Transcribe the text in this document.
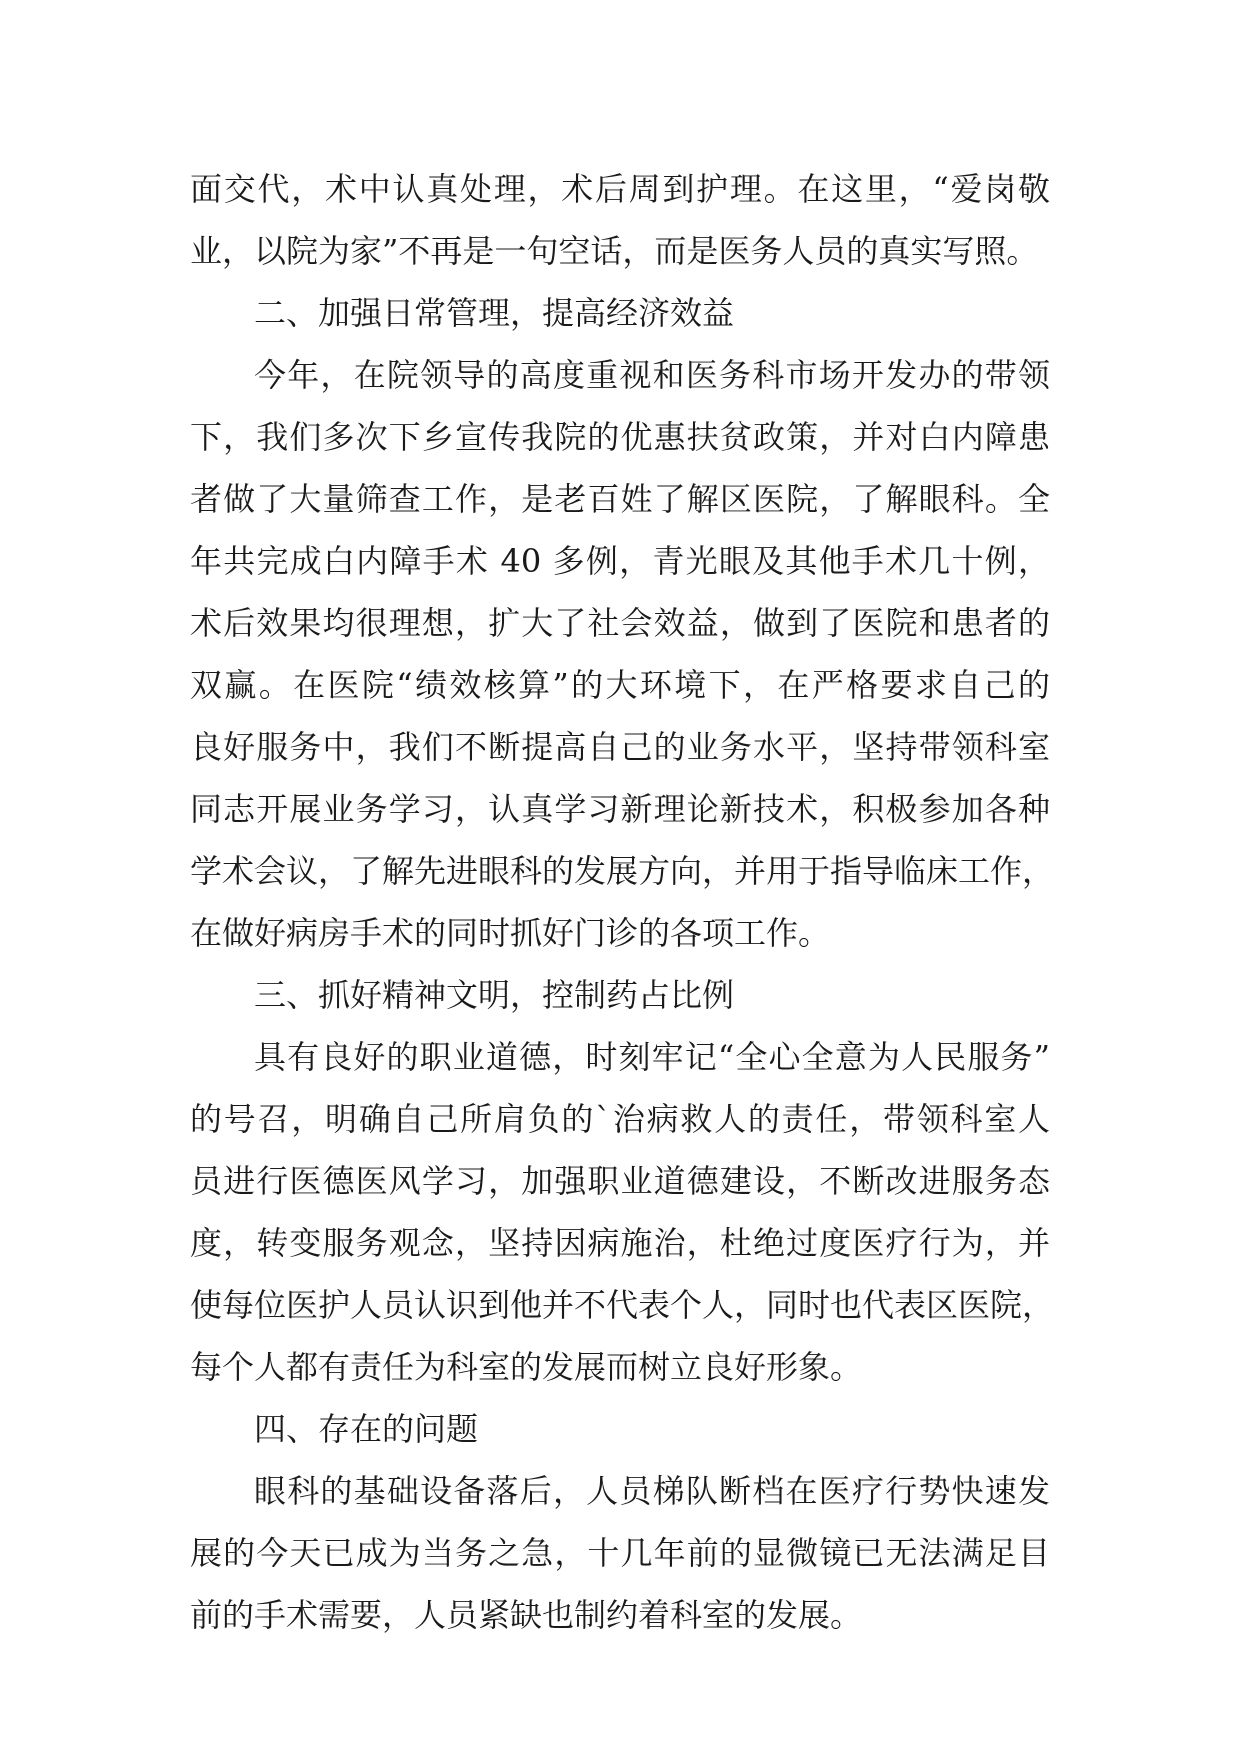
面交代，术中认真处理，术后周到护理。在这里，“爱岗敬
业，以院为家”不再是一句空话，而是医务人员的真实写照。
二、加强日常管理，提高经济效益
今年，在院领导的高度重视和医务科市场开发办的带领
下，我们多次下乡宣传我院的优惠扶贫政策，并对白内障患
者做了大量筛查工作，是老百姓了解区医院，了解眼科。全
年共完成白内障手术 40 多例，青光眼及其他手术几十例，
术后效果均很理想，扩大了社会效益，做到了医院和患者的
双赢。在医院“绩效核算”的大环境下，在严格要求自己的
良好服务中，我们不断提高自己的业务水平，坚持带领科室
同志开展业务学习，认真学习新理论新技术，积极参加各种
学术会议，了解先进眼科的发展方向，并用于指导临床工作，
在做好病房手术的同时抓好门诊的各项工作。
三、抓好精神文明，控制药占比例
具有良好的职业道德，时刻牢记“全心全意为人民服务”
的号召，明确自己所肩负的`治病救人的责任，带领科室人
员进行医德医风学习，加强职业道德建设，不断改进服务态
度，转变服务观念，坚持因病施治，杜绝过度医疗行为，并
使每位医护人员认识到他并不代表个人，同时也代表区医院，
每个人都有责任为科室的发展而树立良好形象。
四、存在的问题
眼科的基础设备落后，人员梯队断档在医疗行势快速发
展的今天已成为当务之急，十几年前的显微镜已无法满足目
前的手术需要，人员紧缺也制约着科室的发展。
